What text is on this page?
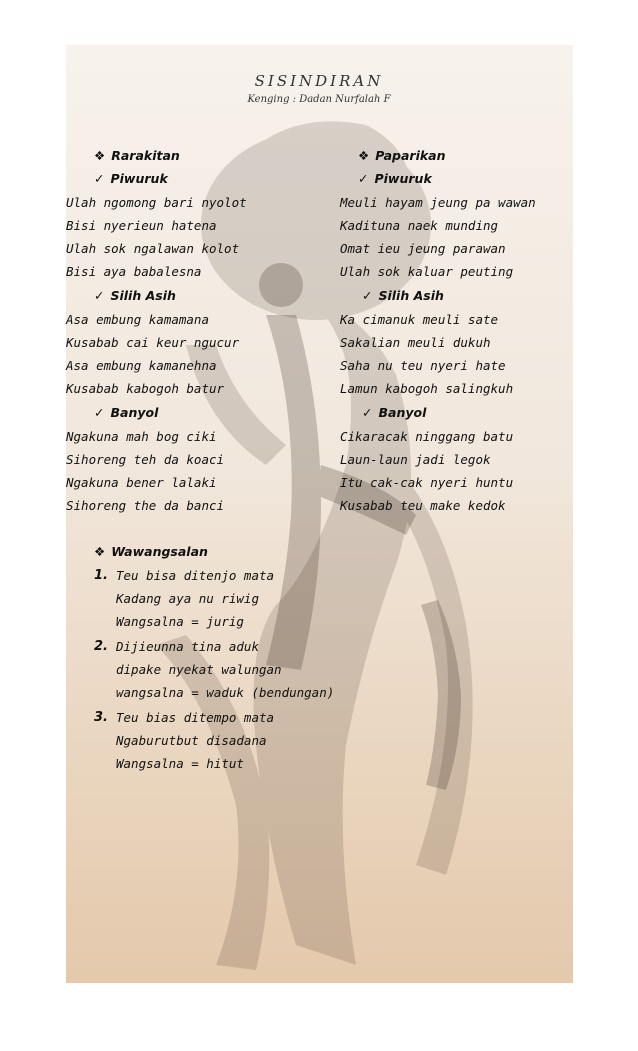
SISINDIRAN
Kenging : Dadan Nurfalah F
❖ Rarakitan
✓ Piwuruk
Ulah ngomong bari nyolot
Bisi nyerieun hatena
Ulah sok ngalawan kolot
Bisi aya babalesna
✓ Silih Asih
Asa embung kamamana
Kusabab cai keur ngucur
Asa embung kamanehna
Kusabab kabogoh batur
✓ Banyol
Ngakuna mah bog ciki
Sihoreng teh da koaci
Ngakuna bener lalaki
Sihoreng the da banci
❖ Paparikan
✓ Piwuruk
Meuli hayam jeung pa wawan
Kadituna naek munding
Omat ieu jeung parawan
Ulah sok kaluar peuting
✓ Silih Asih
Ka cimanuk meuli sate
Sakalian meuli dukuh
Saha nu teu nyeri hate
Lamun kabogoh salingkuh
✓ Banyol
Cikaracak ninggang batu
Laun-laun jadi legok
Itu cak-cak nyeri huntu
Kusabab teu make kedok
❖ Wawangsalan
1. Teu bisa ditenjo mata
Kadang aya nu riwig
Wangsalna = jurig
2. Dijieunna tina aduk
dipake nyekat walungan
wangsalna = waduk (bendungan)
3. Teu bias ditempo mata
Ngaburutbut disadana
Wangsalna = hitut
